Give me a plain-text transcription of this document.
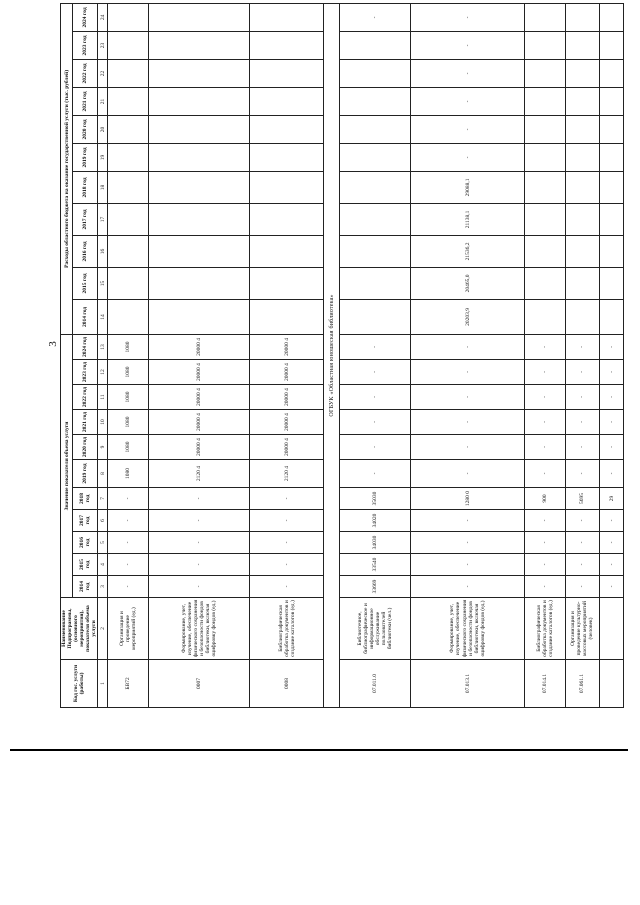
3
Код гос. услуги (работы)	Наименование Подпрограммы, (основного мероприятия), показателя объема услуги	Значение показателя объема услуги											Расходы областного бюджета на оказание государственной услуги (тыс. рублей)										
		2014 год	2015 год	2016 год	2017 год	2018 год	2019 год	2020 год	2021 год	2022 год	2023 год	2024 год	2014 год	2015 год	2016 год	2017 год	2018 год	2019 год	2020 год	2021 год	2022 год	2023 год	2024 год
1	2	3	4	5	6	7	8	9	10	11	12	13	14	15	16	17	18	19	20	21	22	23	24
БВ72	Организация и проведение мероприятий (ед.)	-	-	-	-	-	1080	1080	1080	1080	1080	1080											
0007	Формирование, учет, изучение, обеспечение физического сохранения и безопасности фондов библиотеки, включая оцифровку фондов (ед.)	-	-	-	-	-	2120 4	20000 4	20000 4	20000 4	20000 4	20000 4											
0008	Библиографическая обработка документов и создание каталогов (ед.)	-	-	-	-	-	2120 4	20000 4	20000 4	20000 4	20000 4	20000 4											
ОГБУК «Областная юношеская библиотека»																							
07.011.0	Библиотечное, библиографическое и информационное обслуживание пользователей библиотеки (чел.)	33669	33540	34030	34020	35030	-	-	-	-	-	-											-
07.013.1	Формирование, учет, изучение, обеспечение физического сохранения и безопасности фондов библиотеки, включая оцифровку фондов (ед.)	-	-	-	-	1280 0	-	-	-	-	-	-	20203,9	20465,0	21536,2	21138,1	29088,1	-	-	-	-	-	-
07.014.1	Библиографическая обработка документов и создание каталогов (ед.)	-	-	-	-	900	-	-	-	-	-	-											
07.061.1	Организация и проведение культурно-массовых мероприятий (человек)	-	-	-	-	5695	-	-	-	-	-	-											
		-	-	-	-	29	-	-	-	-	-	-											
